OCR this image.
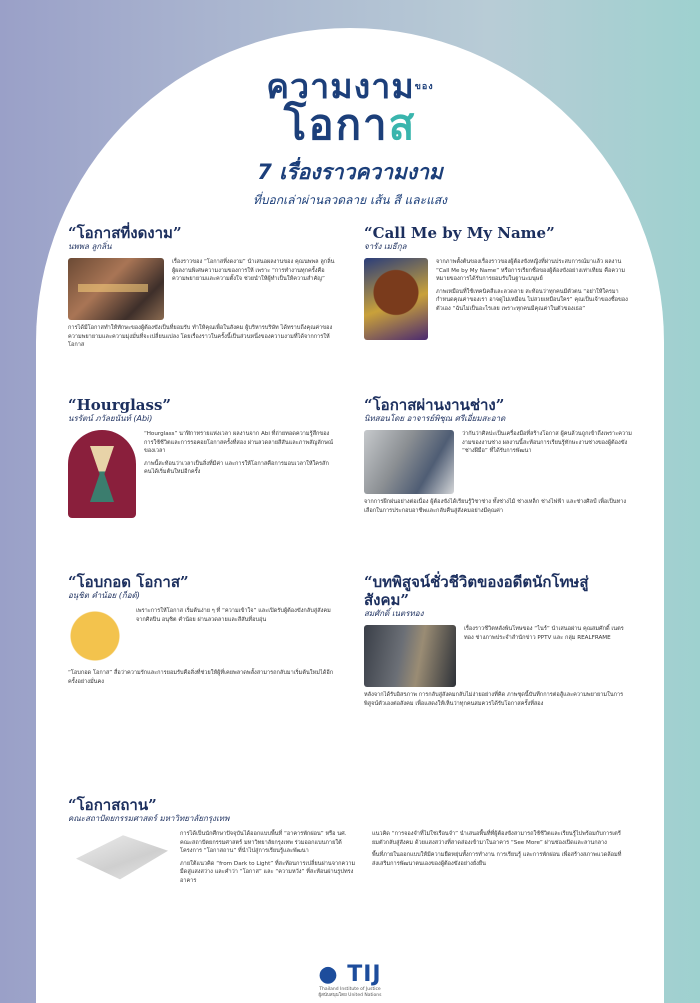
ความงาม$^{ของ}$
โอกาส
7 เรื่องราวความงาม
ที่บอกเล่าผ่านลวดลาย เส้น สี และแสง
“โอกาสที่งดงาม”
นพพล ลูกลิ่น

เรื่องราวของ “โอกาสที่งดงาม” นำเสนอผลงานของ คุณนพพล ลูกลิ่น ผู้ผลงานพิเศษความงามของการให้ เพราะ “การทำงานทุกครั้งคือความพยายามและความตั้งใจ ช่วยนำให้ผู้ทำเป็นให้ความสำคัญ”

การได้มีโอกาสทำให้ทักษะของผู้ต้องขังเป็นที่ยอมรับ ทำให้คุณเพื่อในสังคม ผู้บริหารบริษัท ได้ทราบถึงคุณค่าของความพยายามและความมุ่งมั่นที่จะเปลี่ยนแปลง โดยเรื่องราวในครั้งนี้เป็นส่วนหนึ่งของความงามที่ได้จากการให้โอกาส

“Call Me by My Name”
จารัง เมธีกุล

จากภาพตั้งต้นของเรื่องราวของผู้ต้องขังหญิงที่ผ่านประสบการณ์มาแล้ว ผลงาน “Call Me by My Name” หรือการเรียกชื่อของผู้ต้องขังอย่างเท่าเทียม คือความหมายของการได้รับการยอมรับในฐานะมนุษย์

ภาพเหมือนที่ใช้เทคนิคสีและลวดลาย สะท้อนว่าทุกคนมีตัวตน “อย่าให้ใครมากำหนดคุณค่าของเรา อาจดูไม่เหมือน ไม่สวยเหมือนใคร” คุณเป็นเจ้าของชื่อของตัวเอง “ฉันไม่เป็นอะไรเลย เพราะทุกคนมีคุณค่าในตัวของเธอ”

“Hourglass”
นรรัตน์ ภวัลยนันท์ (Abi)

“Hourglass” นาฬิกาทรายแห่งเวลา ผลงานจาก Abi ที่ถ่ายทอดความรู้สึกของการใช้ชีวิตและการรอคอยโอกาสครั้งที่สอง ผ่านลวดลายสีสันและภาพสัญลักษณ์ของเวลา

ภาพนี้สะท้อนว่าเวลาเป็นสิ่งที่มีค่า และการให้โอกาสคือการมอบเวลาให้ใครสักคนได้เริ่มต้นใหม่อีกครั้ง

“โอกาสผ่านงานช่าง”
นิทสอนโดย อาจารย์พิชุณ ศรีเอี่ยมสะอาด

ว่ากันว่าศิลปะเป็นเครื่องมือที่สร้างโอกาส ผู้คนล้วนถูกเข้าถึงเพราะความงามของงานช่าง ผลงานนี้สะท้อนการเรียนรู้ทักษะงานช่างของผู้ต้องขัง “ช่างฝีมือ” ที่ได้รับการพัฒนา

จากการฝึกฝนอย่างต่อเนื่อง ผู้ต้องขังได้เรียนรู้วิชาช่าง ทั้งช่างไม้ ช่างเหล็ก ช่างไฟฟ้า และช่างศิลป์ เพื่อเป็นทางเลือกในการประกอบอาชีพและกลับคืนสู่สังคมอย่างมีคุณค่า

“โอบกอด โอกาส”
อนุชิต คำน้อย (ก็อต้)

เพราะการให้โอกาส เริ่มต้นง่าย ๆ ที่ “ความเข้าใจ” และเปิดรับผู้ต้องขังกลับสู่สังคม จากศิลปิน อนุชิต คำน้อย ผ่านลวดลายและสีสันที่อบอุ่น

“โอบกอด โอกาส” สื่อว่าความรักและการยอมรับคือสิ่งที่ช่วยให้ผู้ที่เคยพลาดพลั้งสามารถกลับมาเริ่มต้นใหม่ได้อีกครั้งอย่างมั่นคง

“บทพิสูจน์ชั่วชีวิตของอดีตนักโทษสู่สังคม”
สมศักดิ์ เนตรทอง

เรื่องราวชีวิตหลังพ้นโทษของ “ไนร์” นำเสนอผ่าน คุณสมศักดิ์ เนตรทอง ช่างภาพประจำสำนักข่าว PPTV และ กลุ่ม REALFRAME

หลังจากได้รับอิสรภาพ การกลับสู่สังคมกลับไม่ง่ายอย่างที่คิด ภาพชุดนี้บันทึกการต่อสู้และความพยายามในการพิสูจน์ตัวเองต่อสังคม เพื่อแสดงให้เห็นว่าทุกคนสมควรได้รับโอกาสครั้งที่สอง

“โอกาสถาน”
คณะสถาปัตยกรรมศาสตร์ มหาวิทยาลัยกรุงเทพ

การได้เป็นนักศึกษาปัจจุบันได้ออกแบบพื้นที่ “อาคารพักผ่อน” หรือ นศ. คณะสถาปัตยกรรมศาสตร์ มหาวิทยาลัยกรุงเทพ ร่วมออกแบบภายใต้โครงการ “โอกาสถาน” ที่นำไปสู่การเรียนรู้และพัฒนา

ภายใต้แนวคิด “from Dark to Light” ที่สะท้อนการเปลี่ยนผ่านจากความมืดสู่แสงสว่าง และคำว่า “โอกาส” และ “ความหวัง” ที่สะท้อนผ่านรูปทรงอาคาร

แนวคิด “การจองจำที่ไม่ใช่เรือนจำ” นำเสนอพื้นที่ที่ผู้ต้องขังสามารถใช้ชีวิตและเรียนรู้ไปพร้อมกับการเตรียมตัวกลับสู่สังคม ด้วยแสงสว่างที่สาดส่องเข้ามาในอาคาร “See More” ผ่านช่องเปิดและลานกลาง

พื้นที่ภายในออกแบบให้มีความยืดหยุ่นทั้งการทำงาน การเรียนรู้ และการพักผ่อน เพื่อสร้างสภาพแวดล้อมที่ส่งเสริมการพัฒนาตนเองของผู้ต้องขังอย่างยั่งยืน

● TIJ
Thailand Institute of Justice
ผู้สนับสนุนโดย United Nations
